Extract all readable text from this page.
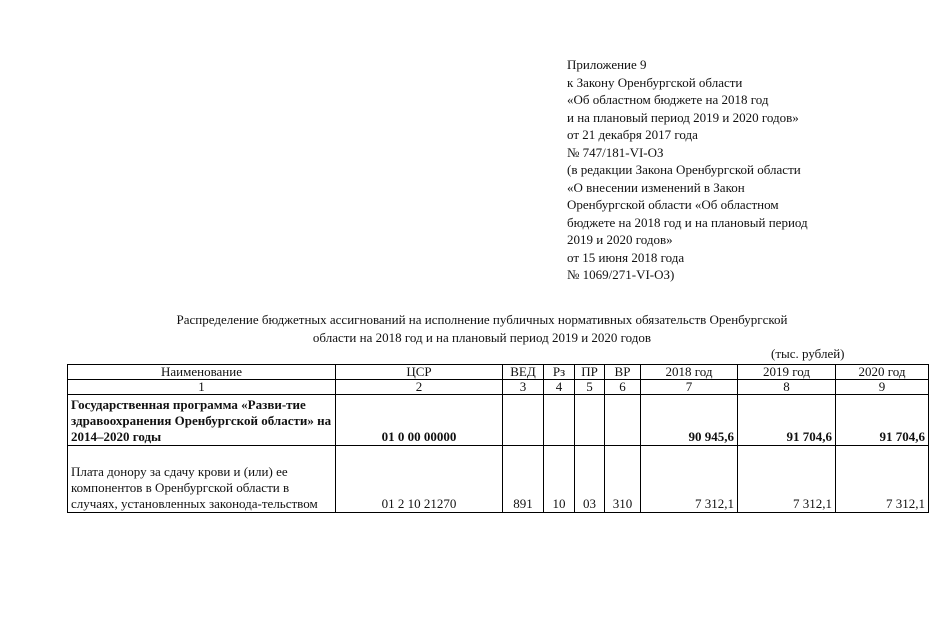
Приложение 9
к Закону Оренбургской области
«Об областном бюджете на 2018 год
и на плановый период 2019 и 2020 годов»
от 21 декабря 2017 года
№ 747/181-VI-ОЗ
(в редакции Закона Оренбургской области
«О внесении изменений в Закон
Оренбургской области «Об областном
бюджете на 2018 год и на плановый период
2019 и 2020 годов»
от 15 июня 2018 года
№ 1069/271-VI-ОЗ)
Распределение бюджетных ассигнований на исполнение публичных нормативных обязательств Оренбургской
области на 2018 год и на плановый период 2019 и 2020 годов
(тыс. рублей)
Наименование	ЦСР	ВЕД	Рз	ПР	ВР	2018 год	2019 год	2020 год
1	2	3	4	5	6	7	8	9
Государственная программа «Разви-тие здравоохранения Оренбургской области» на 2014–2020 годы	01 0 00 00000					90 945,6	91 704,6	91 704,6
Плата донору за сдачу крови и (или) ее компонентов в Оренбургской области в случаях, установленных законода-тельством	01 2 10 21270	891	10	03	310	7 312,1	7 312,1	7 312,1
